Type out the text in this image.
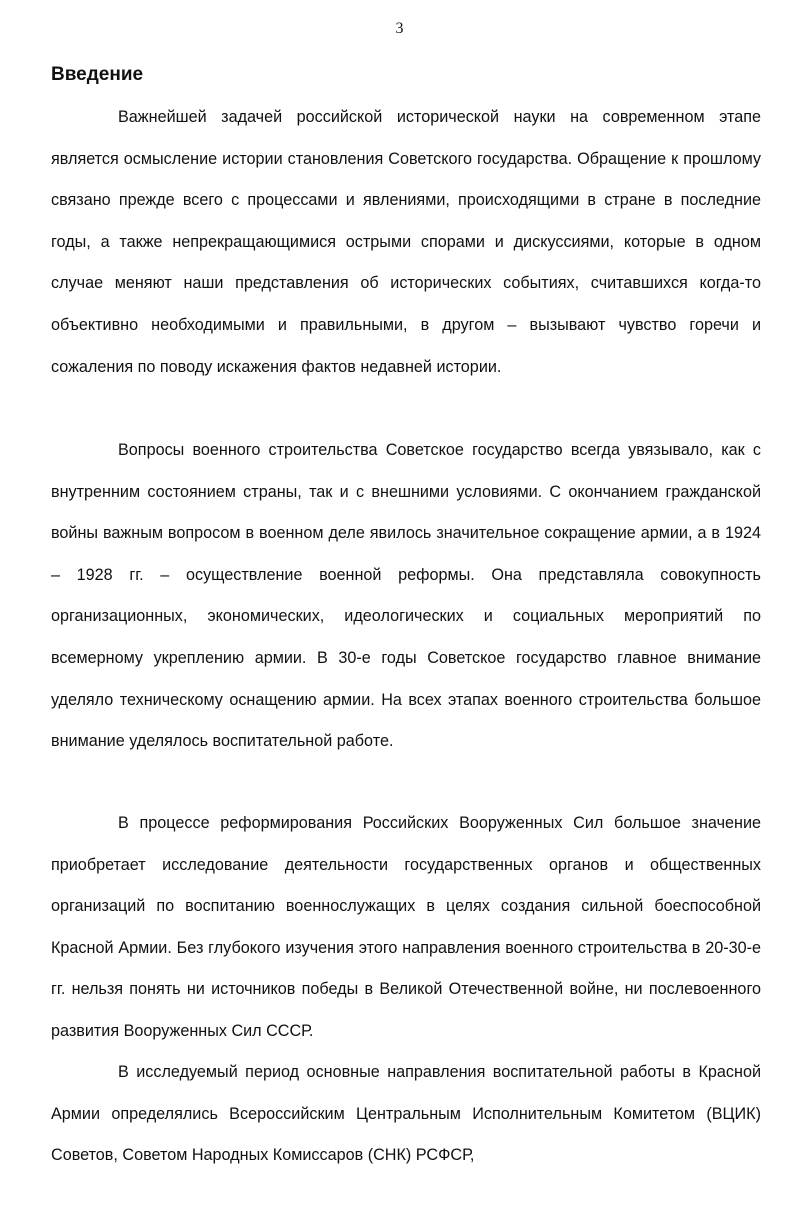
3
Введение

Важнейшей задачей российской исторической науки на современном этапе является осмысление истории становления Советского государства. Обращение к прошлому связано прежде всего с процессами и явлениями, происходящими в стране в последние годы, а также непрекращающимися острыми спорами и дискуссиями, которые в одном случае меняют наши представления об исторических событиях, считавшихся когда-то объективно необходимыми и правильными, в другом – вызывают чувство горечи и сожаления по поводу искажения фактов недавней истории.

Вопросы военного строительства Советское государство всегда увязывало, как с внутренним состоянием страны, так и с внешними условиями. С окончанием гражданской войны важным вопросом в военном деле явилось значительное сокращение армии, а в 1924 – 1928 гг. – осуществление военной реформы. Она представляла совокупность организационных, экономических, идеологических и социальных мероприятий по всемерному укреплению армии. В 30-е годы Советское государство главное внимание уделяло техническому оснащению армии. На всех этапах военного строительства большое внимание уделялось воспитательной работе.

В процессе реформирования Российских Вооруженных Сил большое значение приобретает исследование деятельности государственных органов и общественных организаций по воспитанию военнослужащих в целях создания сильной боеспособной Красной Армии. Без глубокого изучения этого направления военного строительства в 20-30-е гг. нельзя понять ни источников победы в Великой Отечественной войне, ни послевоенного развития Вооруженных Сил СССР.

В исследуемый период основные направления воспитательной работы в Красной Армии определялись Всероссийским Центральным Исполнительным Комитетом (ВЦИК) Советов, Советом Народных Комиссаров (СНК) РСФСР,
